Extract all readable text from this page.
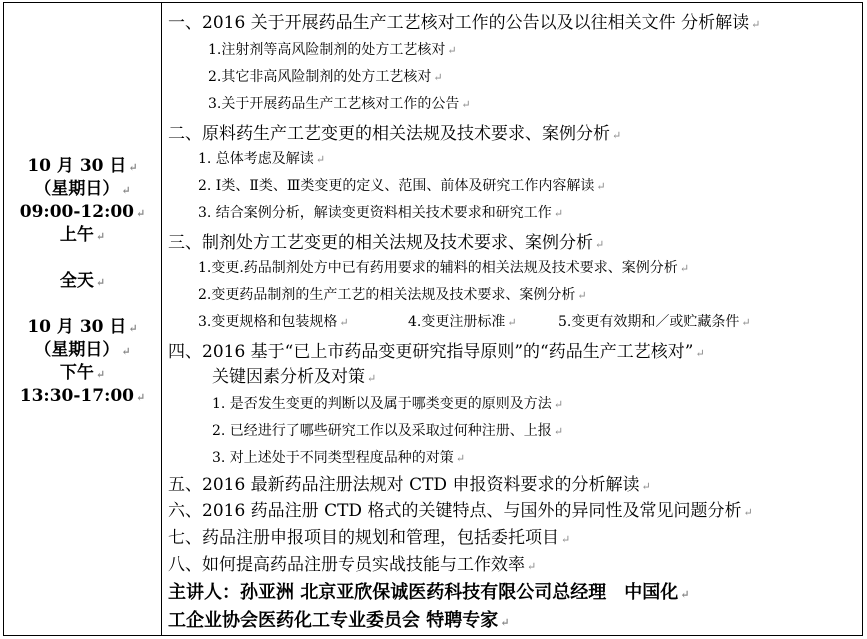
10 月 30 日 ↵
（星期日） ↵
09:00-12:00 ↵
上午 ↵
全天 ↵
10 月 30 日 ↵
（星期日） ↵
下午 ↵
13:30-17:00 ↵
一、2016 关于开展药品生产工艺核对工作的公告以及以往相关文件 分析解读 ↵
1.注射剂等高风险制剂的处方工艺核对 ↵
2.其它非高风险制剂的处方工艺核对 ↵
3.关于开展药品生产工艺核对工作的公告 ↵
二、原料药生产工艺变更的相关法规及技术要求、案例分析 ↵
1. 总体考虑及解读 ↵
2. Ⅰ类、Ⅱ类、Ⅲ类变更的定义、范围、前体及研究工作内容解读 ↵
3. 结合案例分析，解读变更资料相关技术要求和研究工作 ↵
三、制剂处方工艺变更的相关法规及技术要求、案例分析 ↵
1.变更.药品制剂处方中已有药用要求的辅料的相关法规及技术要求、案例分析 ↵
2.变更药品制剂的生产工艺的相关法规及技术要求、案例分析 ↵
3.变更规格和包装规格 ↵	4.变更注册标准 ↵	5.变更有效期和／或贮藏条件 ↵
四、2016 基于“已上市药品变更研究指导原则”的“药品生产工艺核对” ↵
关键因素分析及对策 ↵
1. 是否发生变更的判断以及属于哪类变更的原则及方法 ↵
2. 已经进行了哪些研究工作以及采取过何种注册、上报 ↵
3. 对上述处于不同类型程度品种的对策 ↵
五、2016 最新药品注册法规对 CTD 申报资料要求的分析解读 ↵
六、2016 药品注册 CTD 格式的关键特点、与国外的异同性及常见问题分析 ↵
七、药品注册申报项目的规划和管理，包括委托项目 ↵
八、如何提高药品注册专员实战技能与工作效率 ↵
主讲人：孙亚洲 北京亚欣保诚医药科技有限公司总经理　中国化 ↵
工企业协会医药化工专业委员会 特聘专家 ↵
